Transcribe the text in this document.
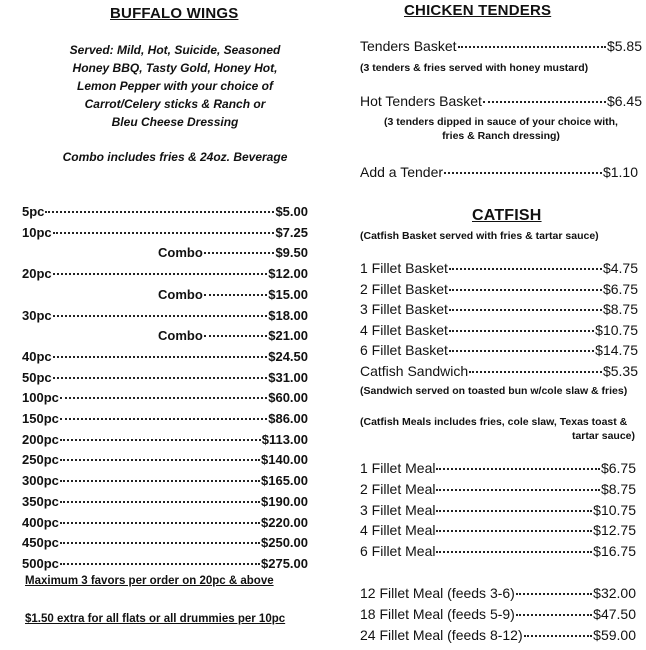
BUFFALO WINGS
Served: Mild, Hot, Suicide, Seasoned
Honey BBQ, Tasty Gold, Honey Hot,
Lemon Pepper with your choice of
Carrot/Celery sticks & Ranch or
Bleu Cheese Dressing
Combo includes fries & 24oz. Beverage
5pc	$5.00
10pc	$7.25
Combo	$9.50
20pc	$12.00
Combo	$15.00
30pc	$18.00
Combo	$21.00
40pc	$24.50
50pc	$31.00
100pc	$60.00
150pc	$86.00
200pc	$113.00
250pc	$140.00
300pc	$165.00
350pc	$190.00
400pc	$220.00
450pc	$250.00
500pc	$275.00
Maximum 3 favors per order on 20pc & above
$1.50 extra for all flats or all drummies per 10pc
CHICKEN TENDERS
Tenders Basket	$5.85
(3 tenders & fries served with honey mustard)
Hot Tenders Basket	$6.45
(3 tenders dipped in sauce of your choice with,
fries & Ranch dressing)
Add a Tender	$1.10
CATFISH
(Catfish Basket served with fries & tartar sauce)
1 Fillet Basket	$4.75
2 Fillet Basket	$6.75
3 Fillet Basket	$8.75
4 Fillet Basket	$10.75
6 Fillet Basket	$14.75
Catfish Sandwich	$5.35
(Sandwich served on toasted bun w/cole slaw & fries)
(Catfish Meals includes fries, cole slaw, Texas toast &
tartar sauce)
1 Fillet Meal	$6.75
2 Fillet Meal	$8.75
3 Fillet Meal	$10.75
4 Fillet Meal	$12.75
6 Fillet Meal	$16.75
12 Fillet Meal (feeds 3-6)	$32.00
18 Fillet Meal (feeds 5-9)	$47.50
24 Fillet Meal (feeds 8-12)	$59.00
